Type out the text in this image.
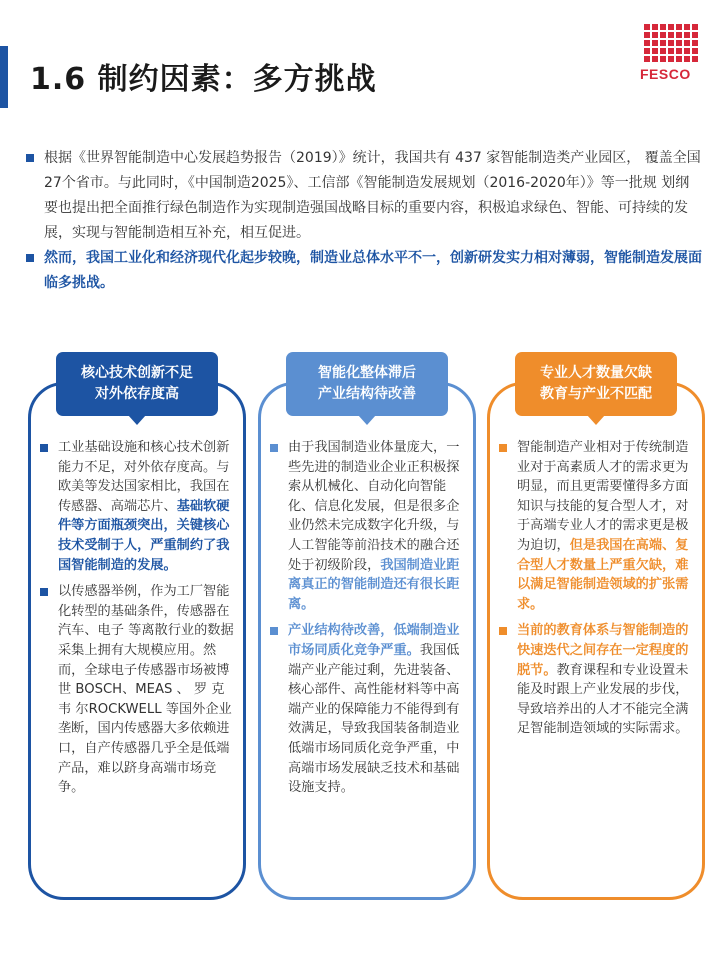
1.6 制约因素：多方挑战	FESCO

根据《世界智能制造中心发展趋势报告（2019）》统计，我国共有 437 家智能制造类产业园区， 覆盖全国27个省市。与此同时，《中国制造2025》、工信部《智能制造发展规划（2016-2020年）》等一批规 划纲要也提出把全面推行绿色制造作为实现制造强国战略目标的重要内容，积极追求绿色、智能、可持续的发展，实现与智能制造相互补充，相互促进。

然而，我国工业化和经济现代化起步较晚，制造业总体水平不一，创新研发实力相对薄弱，智能制造发展面临多挑战。

核心技术创新不足
对外依存度高

工业基础设施和核心技术创新能力不足，对外依存度高。与欧美等发达国家相比，我国在传感器、高端芯片、基础软硬件等方面瓶颈突出，关键核心技术受制于人，严重制约了我国智能制造的发展。

以传感器举例，作为工厂智能化转型的基础条件，传感器在汽车、电子 等离散行业的数据采集上拥有大规模应用。然而，全球电子传感器市场被博世 BOSCH、MEAS 、 罗 克 韦 尔ROCKWELL 等国外企业垄断，国内传感器大多依赖进口，自产传感器几乎全是低端产品，难以跻身高端市场竞争。

智能化整体滞后
产业结构待改善

由于我国制造业体量庞大，一些先进的制造业企业正积极探索从机械化、自动化向智能化、信息化发展，但是很多企业仍然未完成数字化升级，与人工智能等前沿技术的融合还处于初级阶段，我国制造业距离真正的智能制造还有很长距离。

产业结构待改善，低端制造业市场同质化竞争严重。我国低端产业产能过剩，先进装备、核心部件、高性能材料等中高端产业的保障能力不能得到有效满足，导致我国装备制造业低端市场同质化竞争严重，中高端市场发展缺乏技术和基础设施支持。

专业人才数量欠缺
教育与产业不匹配

智能制造产业相对于传统制造业对于高素质人才的需求更为明显，而且更需要懂得多方面知识与技能的复合型人才，对于高端专业人才的需求更是极为迫切，但是我国在高端、复合型人才数量上严重欠缺，难以满足智能制造领域的扩张需求。

当前的教育体系与智能制造的快速迭代之间存在一定程度的脱节。教育课程和专业设置未能及时跟上产业发展的步伐，导致培养出的人才不能完全满足智能制造领域的实际需求。
